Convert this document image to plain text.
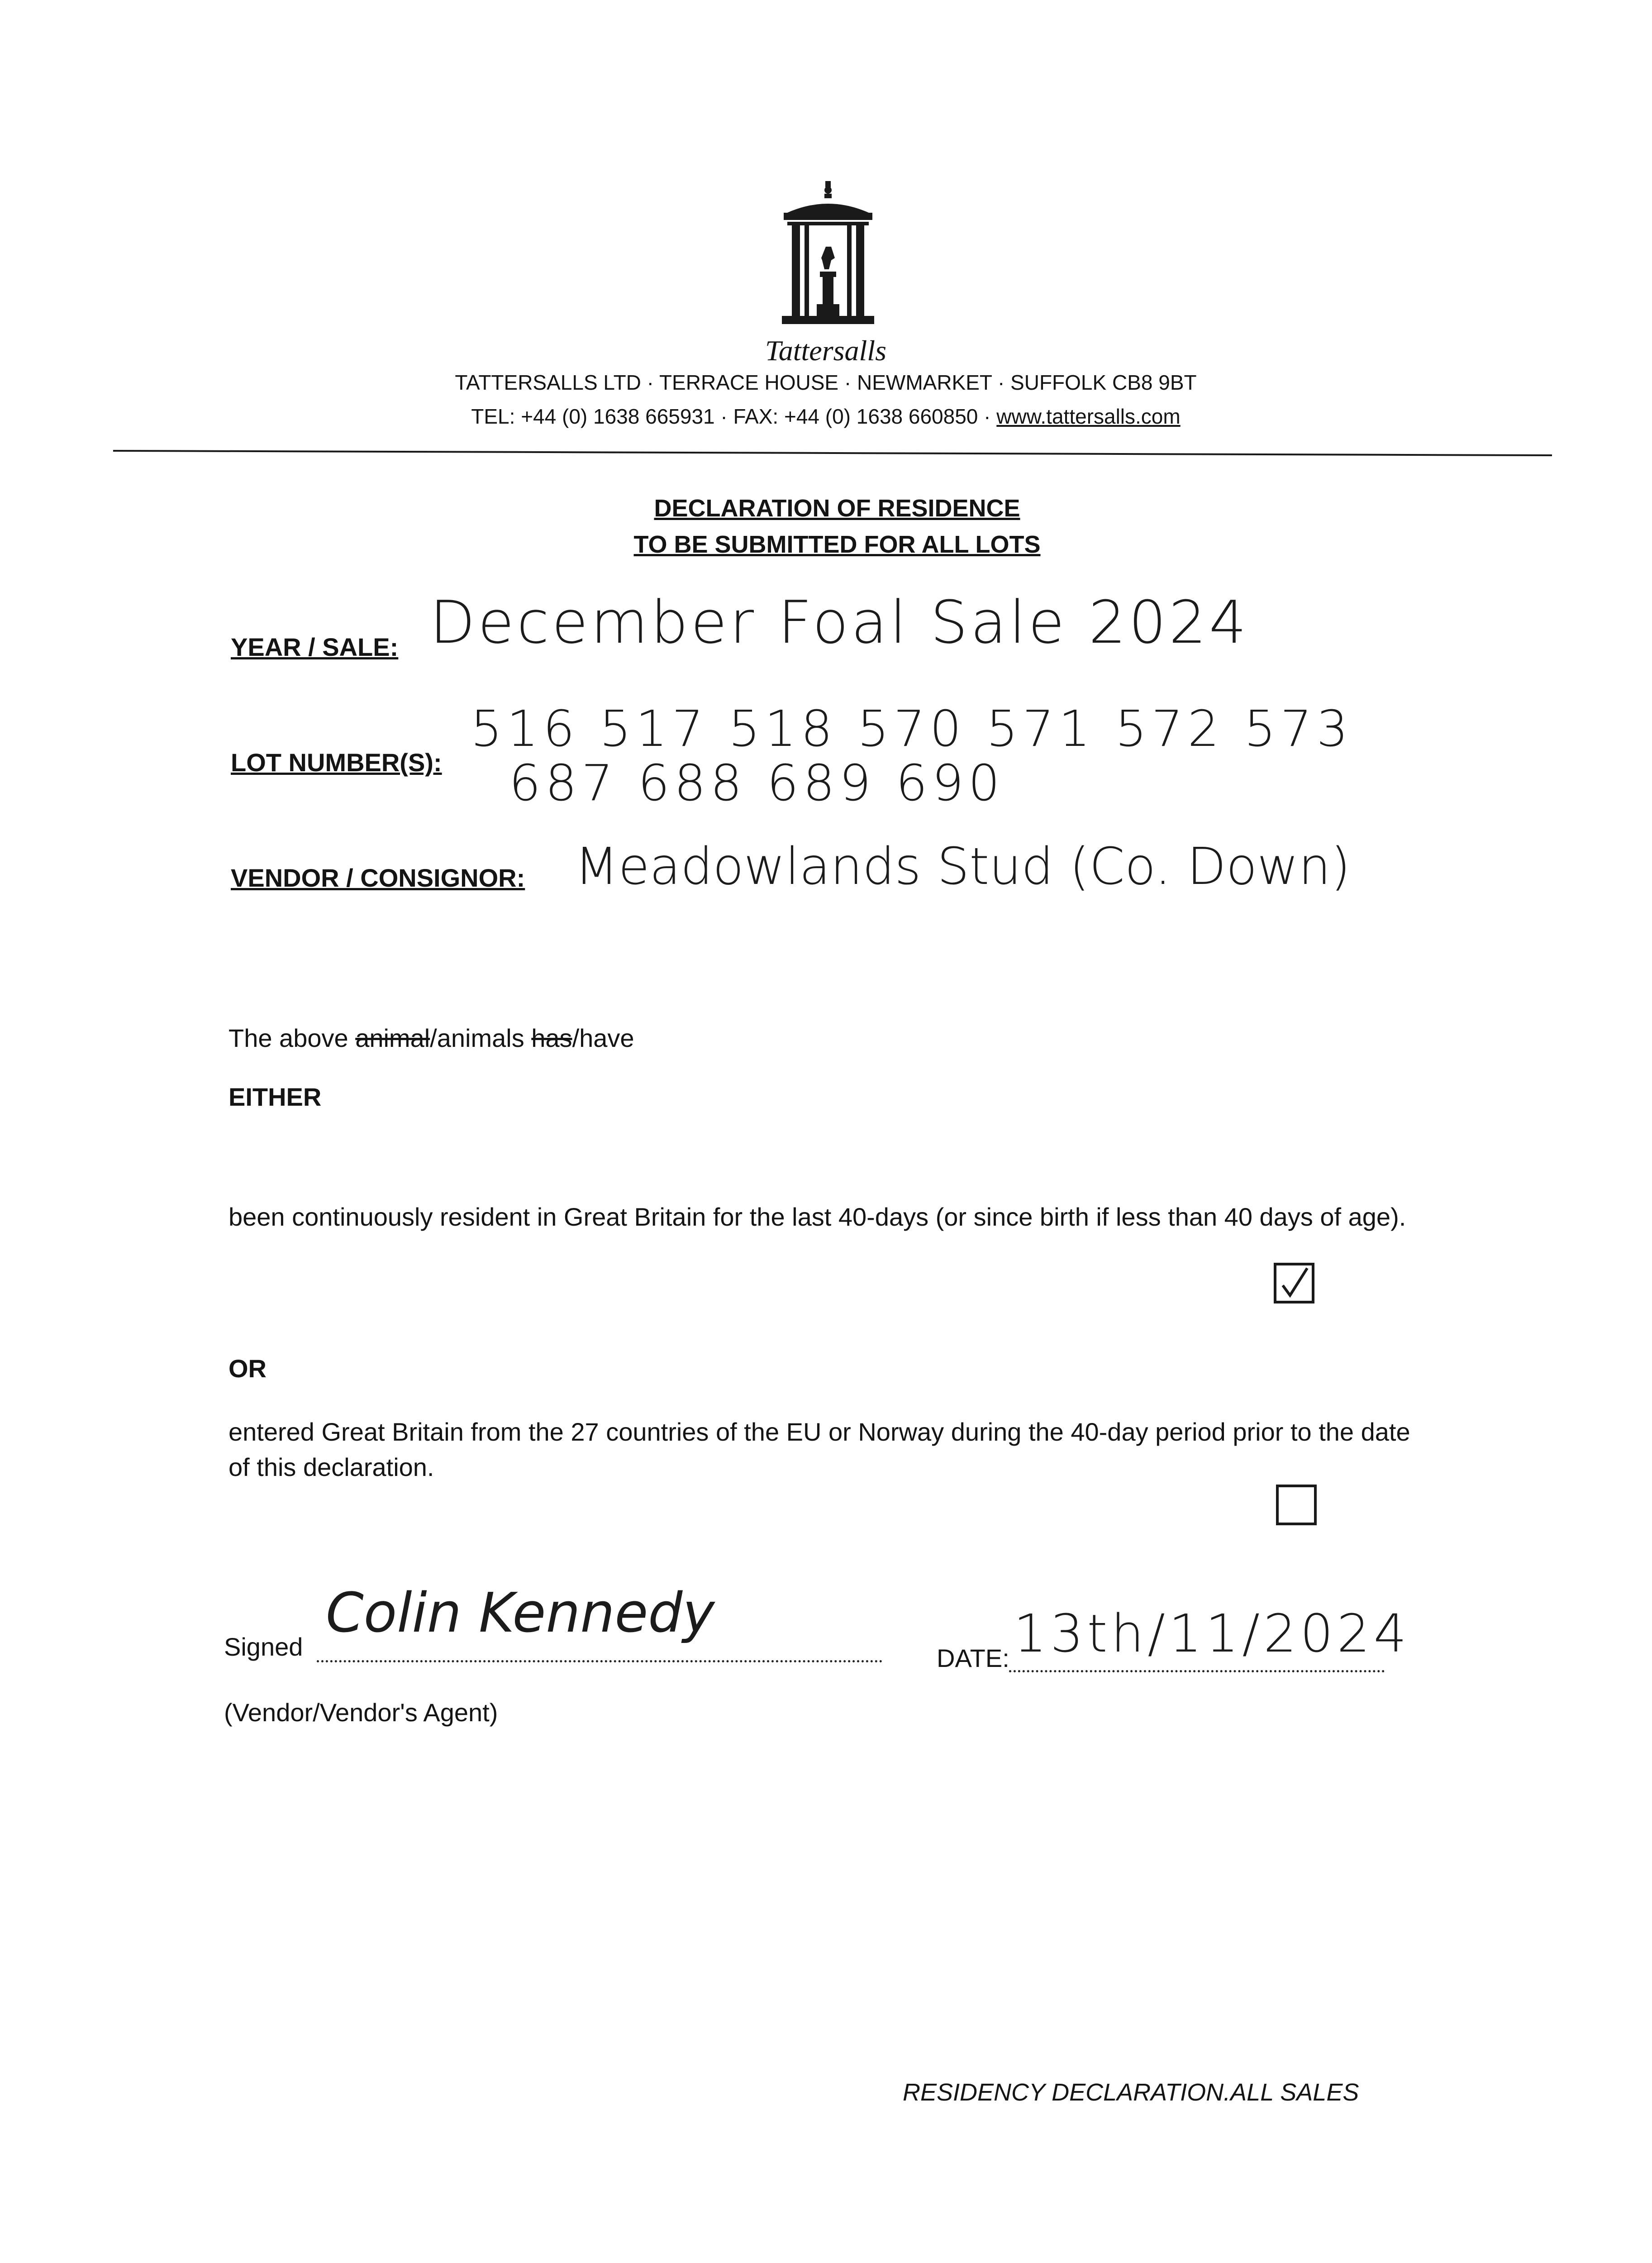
Tattersalls
TATTERSALLS LTD · TERRACE HOUSE · NEWMARKET · SUFFOLK CB8 9BT
TEL: +44 (0) 1638 665931 · FAX: +44 (0) 1638 660850 · www.tattersalls.com
DECLARATION OF RESIDENCE
TO BE SUBMITTED FOR ALL LOTS
YEAR / SALE: December Foal Sale 2024
LOT NUMBER(S):
516 517 518 570 571 572 573
687 688 689 690
VENDOR / CONSIGNOR: Meadowlands Stud (Co. Down)
The above animal/animals has/have
EITHER
been continuously resident in Great Britain for the last 40-days (or since birth if less than 40 days of age).
OR
entered Great Britain from the 27 countries of the EU or Norway during the 40-day period prior to the date of this declaration.
Signed
Colin Kennedy
(Vendor/Vendor's Agent)
DATE: 13th/11/2024
RESIDENCY DECLARATION.ALL SALES
